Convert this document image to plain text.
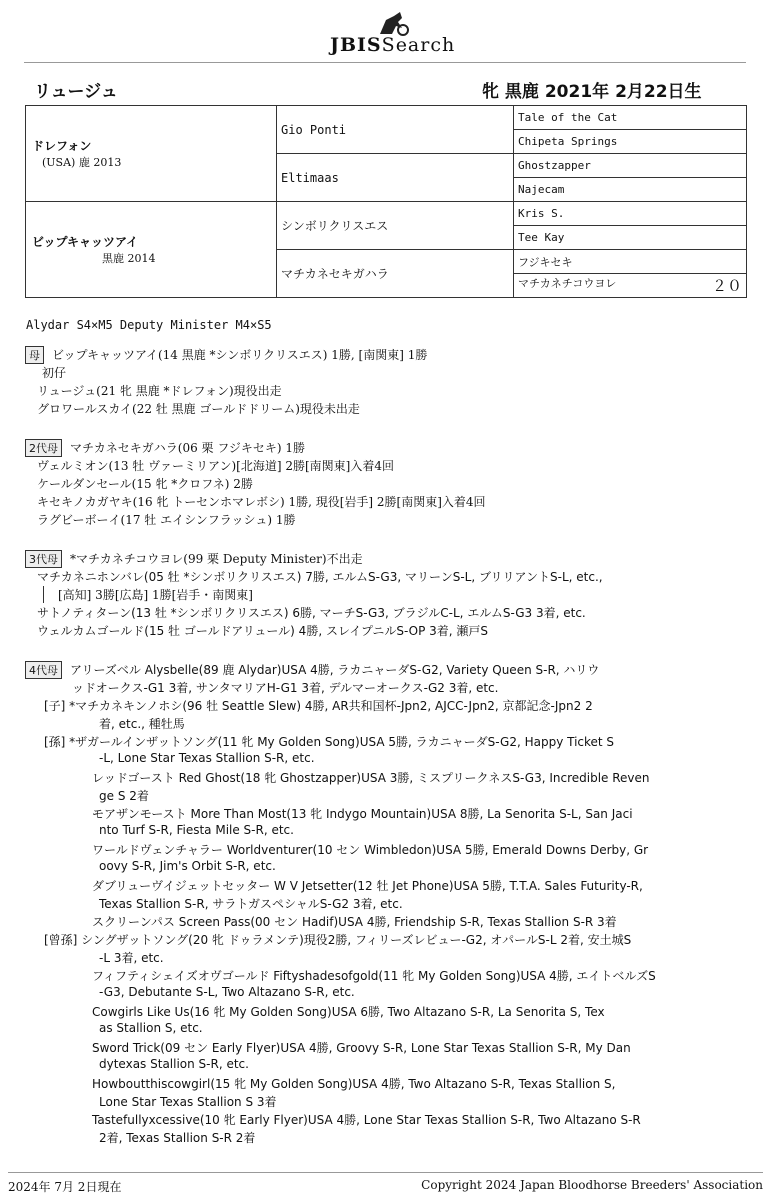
JBISSearch
リュージュ	牝 黒鹿 2021年 2月22日生
ドレフォン
(USA) 鹿 2013	Gio Ponti	Tale of the Cat
		Chipeta Springs
	Eltimaas	Ghostzapper
		Najecam

ビップキャッツアイ
黒鹿 2014	シンボリクリスエス	Kris S.
		Tee Kay
	マチカネセキガハラ	フジキセキ
		マチカネチコウヨレ ２０
Alydar S4×M5 Deputy Minister M4×S5
母 ビップキャッツアイ(14 黒鹿 *シンボリクリスエス) 1勝, [南関東] 1勝
初仔
リュージュ(21 牝 黒鹿 *ドレフォン)現役出走
グロワールスカイ(22 牡 黒鹿 ゴールドドリーム)現役未出走
2代母 マチカネセキガハラ(06 栗 フジキセキ) 1勝
ヴェルミオン(13 牡 ヴァーミリアン)[北海道] 2勝[南関東]入着4回
ケールダンセール(15 牝 *クロフネ) 2勝
キセキノカガヤキ(16 牝 トーセンホマレボシ) 1勝, 現役[岩手] 2勝[南関東]入着4回
ラグビーボーイ(17 牡 エイシンフラッシュ) 1勝
3代母 *マチカネチコウヨレ(99 栗 Deputy Minister)不出走
マチカネニホンバレ(05 牡 *シンボリクリスエス) 7勝, エルムS-G3, マリーンS-L, ブリリアントS-L, etc.,
[高知] 3勝[広島] 1勝[岩手・南関東]
サトノティターン(13 牡 *シンボリクリスエス) 6勝, マーチS-G3, ブラジルC-L, エルムS-G3 3着, etc.
ウェルカムゴールド(15 牡 ゴールドアリュール) 4勝, スレイプニルS-OP 3着, 瀬戸S
4代母 アリーズベル Alysbelle(89 鹿 Alydar)USA 4勝, ラカニャーダS-G2, Variety Queen S-R, ハリウ
ッドオークス-G1 3着, サンタマリアH-G1 3着, デルマーオークス-G2 3着, etc.
[子] *マチカネキンノホシ(96 牡 Seattle Slew) 4勝, AR共和国杯-Jpn2, AJCC-Jpn2, 京都記念-Jpn2 2
着, etc., 種牡馬
[孫] *ザガールインザットソング(11 牝 My Golden Song)USA 5勝, ラカニャーダS-G2, Happy Ticket S
-L, Lone Star Texas Stallion S-R, etc.
レッドゴースト Red Ghost(18 牝 Ghostzapper)USA 3勝, ミスプリークネスS-G3, Incredible Reven
ge S 2着
モアザンモースト More Than Most(13 牝 Indygo Mountain)USA 8勝, La Senorita S-L, San Jaci
nto Turf S-R, Fiesta Mile S-R, etc.
ワールドヴェンチャラー Worldventurer(10 セン Wimbledon)USA 5勝, Emerald Downs Derby, Gr
oovy S-R, Jim's Orbit S-R, etc.
ダブリューヴイジェットセッター W V Jetsetter(12 牡 Jet Phone)USA 5勝, T.T.A. Sales Futurity-R,
Texas Stallion S-R, サラトガスペシャルS-G2 3着, etc.
スクリーンパス Screen Pass(00 セン Hadif)USA 4勝, Friendship S-R, Texas Stallion S-R 3着
[曾孫] シングザットソング(20 牝 ドゥラメンテ)現役2勝, フィリーズレビュー-G2, オパールS-L 2着, 安土城S
-L 3着, etc.
フィフティシェイズオヴゴールド Fiftyshadesofgold(11 牝 My Golden Song)USA 4勝, エイトベルズS
-G3, Debutante S-L, Two Altazano S-R, etc.
Cowgirls Like Us(16 牝 My Golden Song)USA 6勝, Two Altazano S-R, La Senorita S, Tex
as Stallion S, etc.
Sword Trick(09 セン Early Flyer)USA 4勝, Groovy S-R, Lone Star Texas Stallion S-R, My Dan
dytexas Stallion S-R, etc.
Howboutthiscowgirl(15 牝 My Golden Song)USA 4勝, Two Altazano S-R, Texas Stallion S,
Lone Star Texas Stallion S 3着
Tastefullyxcessive(10 牝 Early Flyer)USA 4勝, Lone Star Texas Stallion S-R, Two Altazano S-R
2着, Texas Stallion S-R 2着
2024年 7月 2日現在	Copyright 2024 Japan Bloodhorse Breeders' Association
